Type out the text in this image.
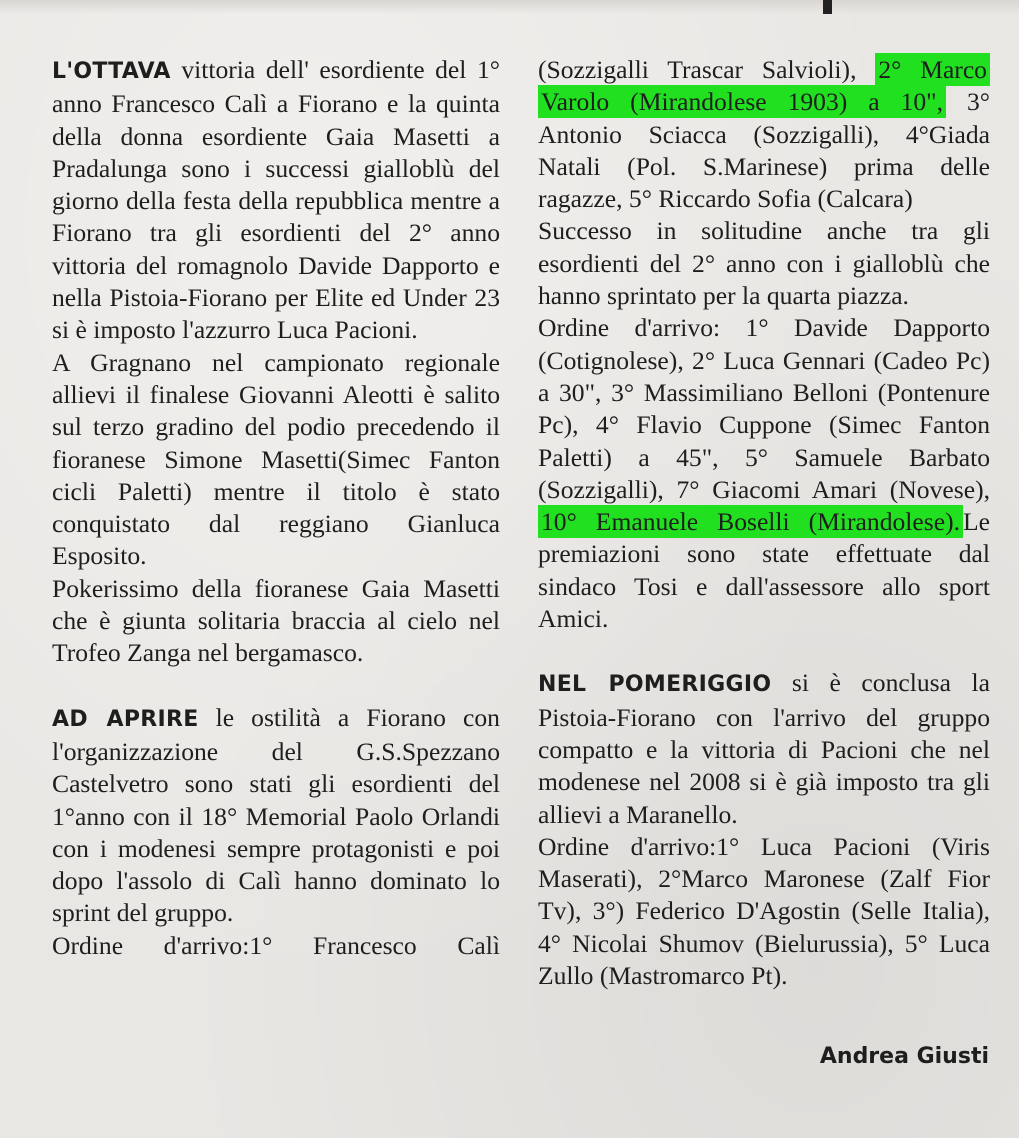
L'OTTAVA vittoria dell' esordiente del 1° anno Francesco Calì a Fiorano e la quinta della donna esordiente Gaia Masetti a Pradalunga sono i successi gialloblù del giorno della festa della repubblica mentre a Fiorano tra gli esordienti del 2° anno vittoria del romagnolo Davide Dapporto e nella Pistoia-Fiorano per Elite ed Under 23 si è imposto l'azzurro Luca Pacioni.

A Gragnano nel campionato regionale allievi il finalese Giovanni Aleotti è salito sul terzo gradino del podio precedendo il fioranese Simone Masetti(Simec Fanton cicli Paletti) mentre il titolo è stato conquistato dal reggiano Gianluca Esposito.

Pokerissimo della fioranese Gaia Masetti che è giunta solitaria braccia al cielo nel Trofeo Zanga nel bergamasco.

AD APRIRE le ostilità a Fiorano con l'organizzazione del G.S.Spezzano Castelvetro sono stati gli esordienti del 1°anno con il 18° Memorial Paolo Orlandi con i modenesi sempre protagonisti e poi dopo l'assolo di Calì hanno dominato lo sprint del gruppo.

Ordine d'arrivo:1° Francesco Calì

(Sozzigalli Trascar Salvioli), 2° Marco Varolo (Mirandolese 1903) a 10", 3° Antonio Sciacca (Sozzigalli), 4°Giada Natali (Pol. S.Marinese) prima delle ragazze, 5° Riccardo Sofia (Calcara)

Successo in solitudine anche tra gli esordienti del 2° anno con i gialloblù che hanno sprintato per la quarta piazza.

Ordine d'arrivo: 1° Davide Dapporto (Cotignolese), 2° Luca Gennari (Cadeo Pc) a 30", 3° Massimiliano Belloni (Pontenure Pc), 4° Flavio Cuppone (Simec Fanton Paletti) a 45", 5° Samuele Barbato (Sozzigalli), 7° Giacomi Amari (Novese), 10° Emanuele Boselli (Mirandolese). Le premiazioni sono state effettuate dal sindaco Tosi e dall'assessore allo sport Amici.

NEL POMERIGGIO si è conclusa la Pistoia-Fiorano con l'arrivo del gruppo compatto e la vittoria di Pacioni che nel modenese nel 2008 si è già imposto tra gli allievi a Maranello.

Ordine d'arrivo:1° Luca Pacioni (Viris Maserati), 2°Marco Maronese (Zalf Fior Tv), 3°) Federico D'Agostin (Selle Italia), 4° Nicolai Shumov (Bielurussia), 5° Luca Zullo (Mastromarco Pt).

Andrea Giusti
